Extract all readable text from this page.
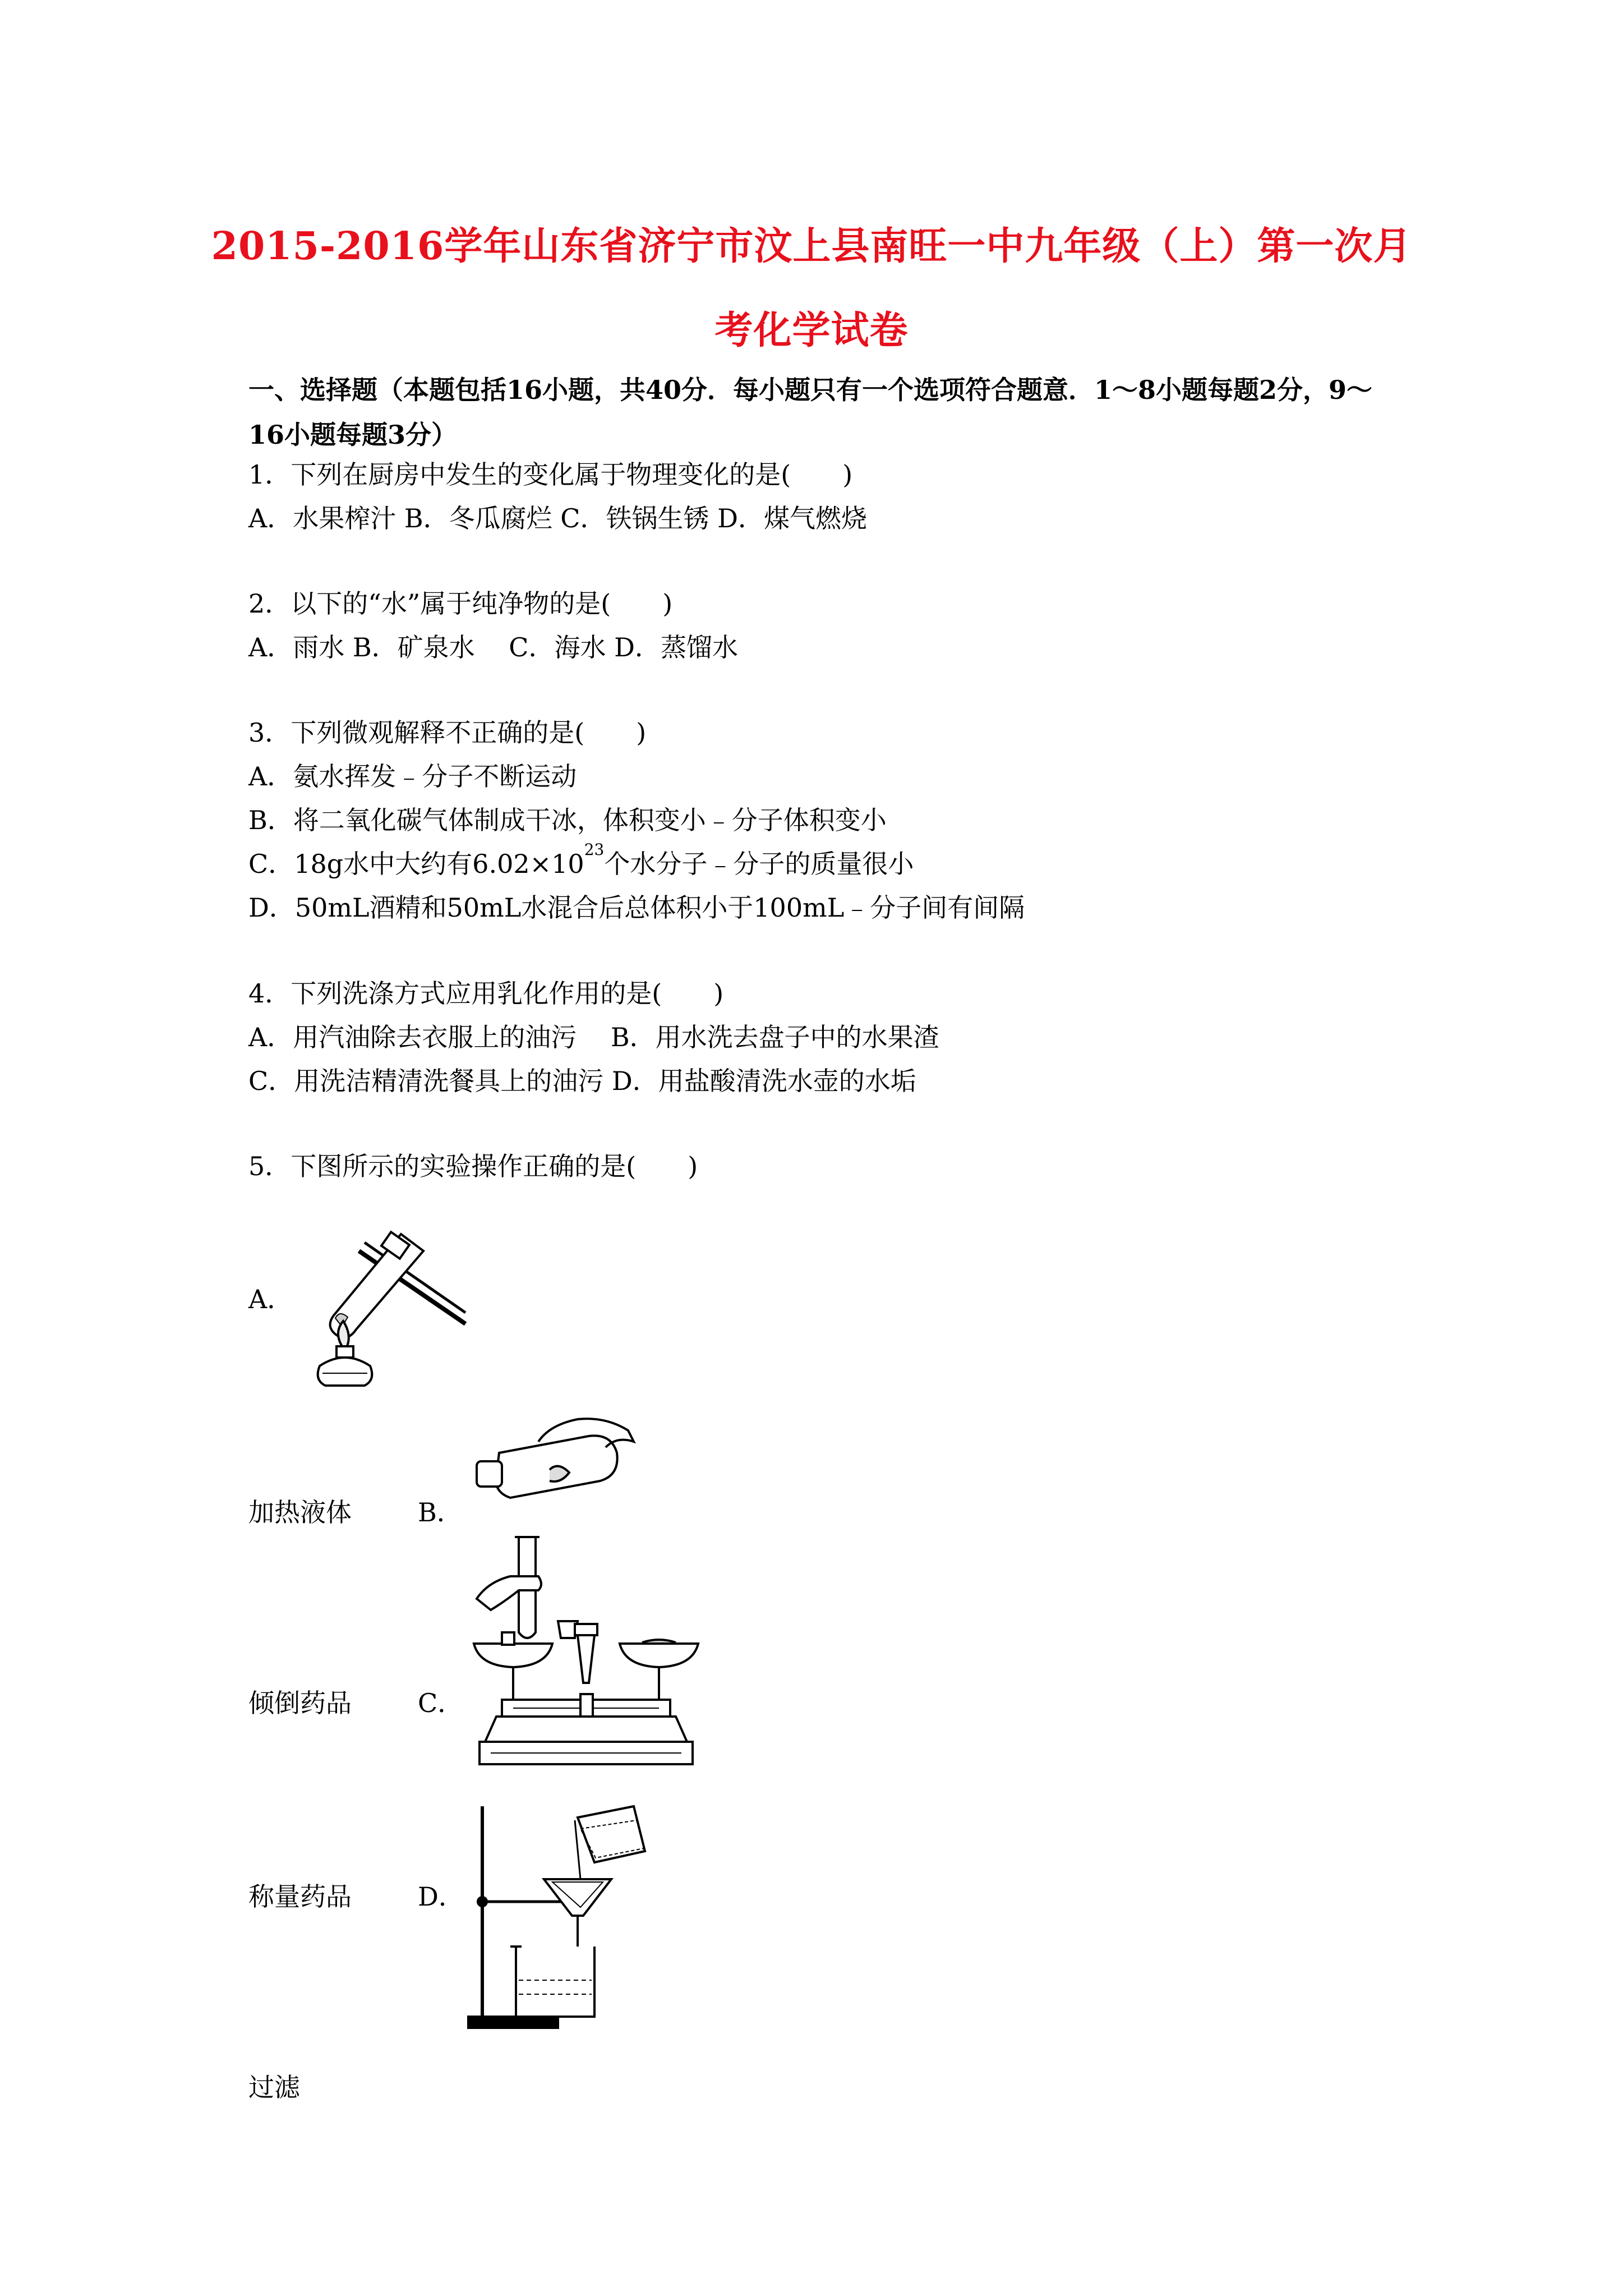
2015-2016学年山东省济宁市汶上县南旺一中九年级（上）第一次月
考化学试卷
一、选择题（本题包括16小题，共40分．每小题只有一个选项符合题意．1～8小题每题2分，9～16小题每题3分）
1．下列在厨房中发生的变化属于物理变化的是(　　)
A．水果榨汁 B．冬瓜腐烂 C．铁锅生锈 D．煤气燃烧
2．以下的“水”属于纯净物的是(　　)
A．雨水 B．矿泉水　 C．海水 D．蒸馏水
3．下列微观解释不正确的是(　　)
A．氨水挥发﹣分子不断运动
B．将二氧化碳气体制成干冰，体积变小﹣分子体积变小
C．18g水中大约有$6.02\times 10^{23}$个水分子﹣分子的质量很小
D．50mL酒精和50mL水混合后总体积小于100mL﹣分子间有间隔
4．下列洗涤方式应用乳化作用的是(　　)
A．用汽油除去衣服上的油污　 B．用水洗去盘子中的水果渣
C．用洗洁精清洗餐具上的油污 D．用盐酸清洗水壶的水垢
5．下图所示的实验操作正确的是(　　)
A．
加热液体	B．
倾倒药品	C．
称量药品	D．
过滤
